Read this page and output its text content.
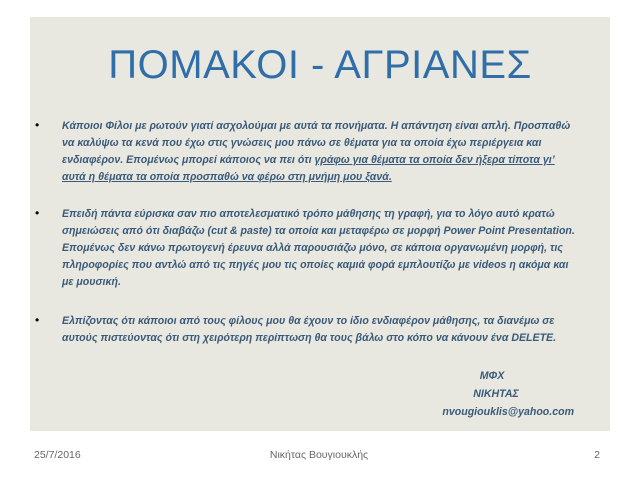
ΠΟΜΑΚΟΙ - ΑΓΡΙΑΝΕΣ
• Κάποιοι Φίλοι με ρωτούν γιατί ασχολούμαι με αυτά τα πονήματα. Η απάντηση είναι απλή. Προσπαθώ
να καλύψω τα κενά που έχω στις γνώσεις μου πάνω σε θέματα για τα οποία έχω περιέργεια και
ενδιαφέρον. Επομένως μπορεί κάποιος να πει ότι γράφω για θέματα τα οποία δεν ήξερα τίποτα γι’
αυτά η θέματα τα οποία προσπαθώ να φέρω στη μνήμη μου ξανά.
• Επειδή πάντα εύρισκα σαν πιο αποτελεσματικό τρόπο μάθησης τη γραφή, για το λόγο αυτό κρατώ
σημειώσεις από ότι διαβάζω (cut & paste) τα οποία και μεταφέρω σε μορφή Power Point Presentation.
Επομένως δεν κάνω πρωτογενή έρευνα αλλά παρουσιάζω μόνο, σε κάποια οργανωμένη μορφή, τις
πληροφορίες που αντλώ από τις πηγές μου τις οποίες καμιά φορά εμπλουτίζω με videos η ακόμα και
με μουσική.
• Ελπίζοντας ότι κάποιοι από τους φίλους μου θα έχουν το ίδιο ενδιαφέρον μάθησης, τα διανέμω σε
αυτούς πιστεύοντας ότι στη χειρότερη περίπτωση θα τους βάλω στο κόπο να κάνουν ένα DELETE.
ΜΦΧ
ΝΙΚΗΤΑΣ
nvougiouklis@yahoo.com
25/7/2016	Νικήτας Βουγιουκλής	2
